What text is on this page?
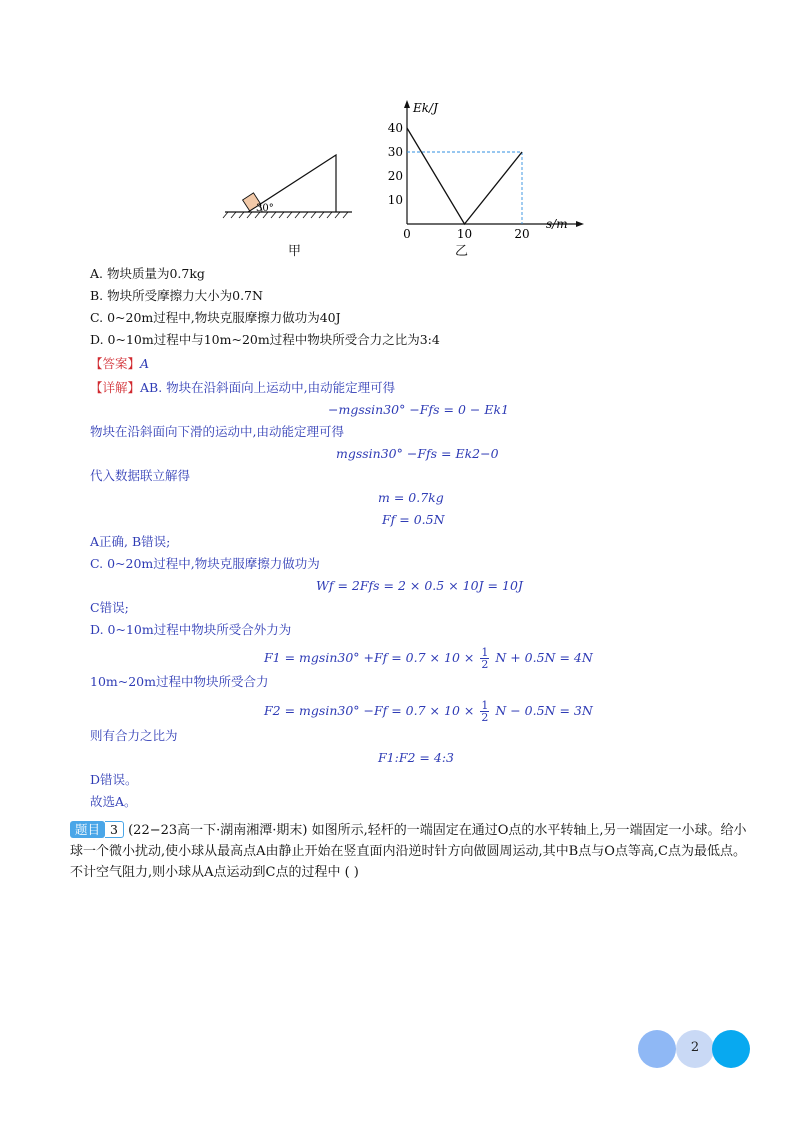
30°
甲
Ek/J
s/m
40
30
20
10
0	10	20
乙
A. 物块质量为0.7kg
B. 物块所受摩擦力大小为0.7N
C. 0~20m过程中,物块克服摩擦力做功为40J
D. 0~10m过程中与10m~20m过程中物块所受合力之比为3:4
【答案】A
【详解】AB. 物块在沿斜面向上运动中,由动能定理可得
−mgssin30° −Ffs = 0 − Ek1
物块在沿斜面向下滑的运动中,由动能定理可得
mgssin30° −Ffs = Ek2−0
代入数据联立解得
m = 0.7kg
Ff = 0.5N
A正确, B错误;
C. 0~20m过程中,物块克服摩擦力做功为
Wf = 2Ffs = 2 × 0.5 × 10J = 10J
C错误;
D. 0~10m过程中物块所受合外力为
$F1 = mgsin30^\circ +Ff = 0.7 \times 10 \times \frac{1}{2}$ N + 0.5N = 4N
10m~20m过程中物块所受合力
$F2 = mgsin30^\circ -Ff = 0.7 \times 10 \times \frac{1}{2}$ N − 0.5N = 3N
则有合力之比为
F1:F2 = 4:3
D错误。
故选A。
题目 3 (22−23高一下·湖南湘潭·期末) 如图所示,轻杆的一端固定在通过O点的水平转轴上,另一端固定一小球。给小球一个微小扰动,使小球从最高点A由静止开始在竖直面内沿逆时针方向做圆周运动,其中B点与O点等高,C点为最低点。不计空气阻力,则小球从A点运动到C点的过程中 ( )
2
